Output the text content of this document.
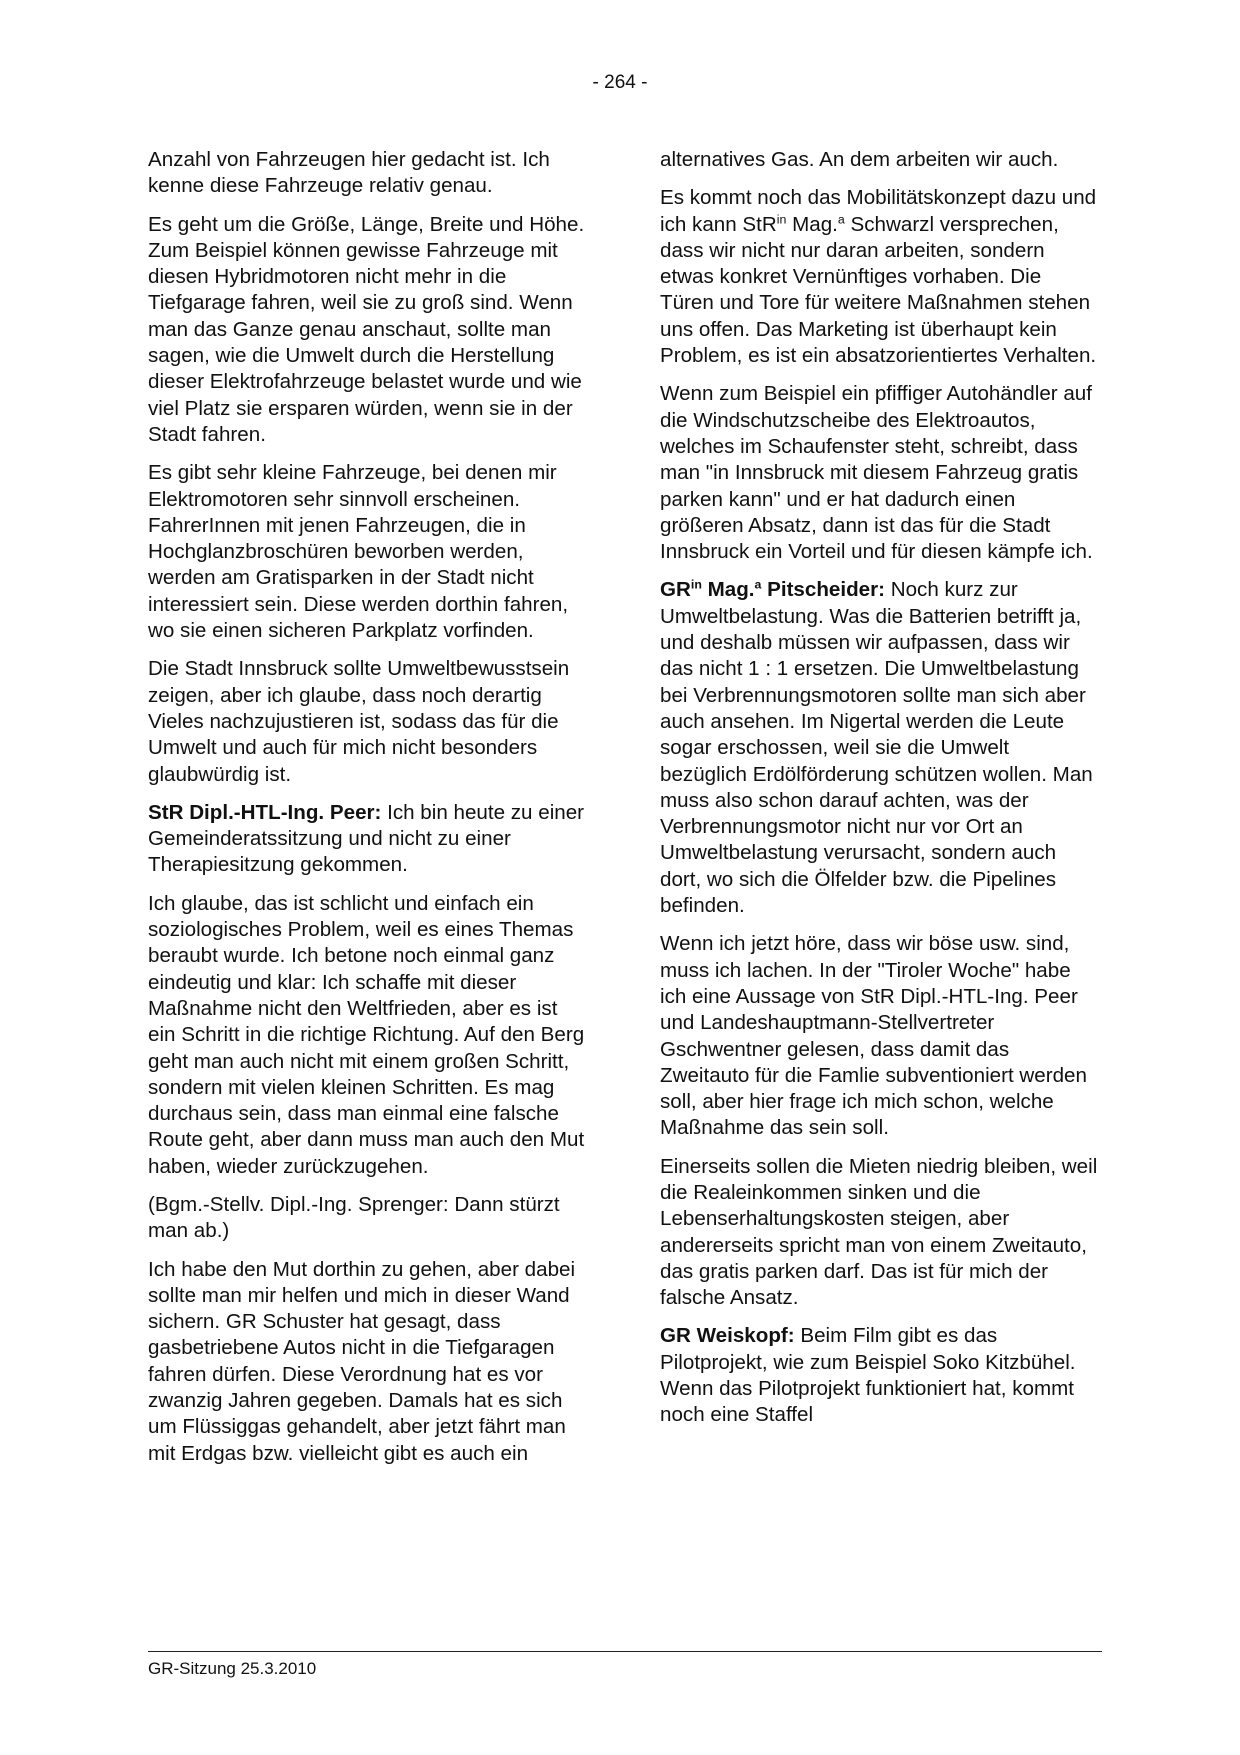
- 264 -

Anzahl von Fahrzeugen hier gedacht ist. Ich kenne diese Fahrzeuge relativ genau.

Es geht um die Größe, Länge, Breite und Höhe. Zum Beispiel können gewisse Fahrzeuge mit diesen Hybridmotoren nicht mehr in die Tiefgarage fahren, weil sie zu groß sind. Wenn man das Ganze genau anschaut, sollte man sagen, wie die Umwelt durch die Herstellung dieser Elektrofahrzeuge belastet wurde und wie viel Platz sie ersparen würden, wenn sie in der Stadt fahren.

Es gibt sehr kleine Fahrzeuge, bei denen mir Elektromotoren sehr sinnvoll erscheinen. FahrerInnen mit jenen Fahrzeugen, die in Hochglanzbroschüren beworben werden, werden am Gratisparken in der Stadt nicht interessiert sein. Diese werden dorthin fahren, wo sie einen sicheren Parkplatz vorfinden.

Die Stadt Innsbruck sollte Umweltbewusstsein zeigen, aber ich glaube, dass noch derartig Vieles nachzujustieren ist, sodass das für die Umwelt und auch für mich nicht besonders glaubwürdig ist.

StR Dipl.-HTL-Ing. Peer: Ich bin heute zu einer Gemeinderatssitzung und nicht zu einer Therapiesitzung gekommen.

Ich glaube, das ist schlicht und einfach ein soziologisches Problem, weil es eines Themas beraubt wurde. Ich betone noch einmal ganz eindeutig und klar: Ich schaffe mit dieser Maßnahme nicht den Weltfrieden, aber es ist ein Schritt in die richtige Richtung. Auf den Berg geht man auch nicht mit einem großen Schritt, sondern mit vielen kleinen Schritten. Es mag durchaus sein, dass man einmal eine falsche Route geht, aber dann muss man auch den Mut haben, wieder zurückzugehen.

(Bgm.-Stellv. Dipl.-Ing. Sprenger: Dann stürzt man ab.)

Ich habe den Mut dorthin zu gehen, aber dabei sollte man mir helfen und mich in dieser Wand sichern. GR Schuster hat gesagt, dass gasbetriebene Autos nicht in die Tiefgaragen fahren dürfen. Diese Verordnung hat es vor zwanzig Jahren gegeben. Damals hat es sich um Flüssiggas gehandelt, aber jetzt fährt man mit Erdgas bzw. vielleicht gibt es auch ein

alternatives Gas. An dem arbeiten wir auch.

Es kommt noch das Mobilitätskonzept dazu und ich kann StR$^{in}$ Mag.$^a$ Schwarzl versprechen, dass wir nicht nur daran arbeiten, sondern etwas konkret Vernünftiges vorhaben. Die Türen und Tore für weitere Maßnahmen stehen uns offen. Das Marketing ist überhaupt kein Problem, es ist ein absatzorientiertes Verhalten.

Wenn zum Beispiel ein pfiffiger Autohändler auf die Windschutzscheibe des Elektroautos, welches im Schaufenster steht, schreibt, dass man "in Innsbruck mit diesem Fahrzeug gratis parken kann" und er hat dadurch einen größeren Absatz, dann ist das für die Stadt Innsbruck ein Vorteil und für diesen kämpfe ich.

$GR^{in}$ Mag.$^a$ Pitscheider: Noch kurz zur Umweltbelastung. Was die Batterien betrifft ja, und deshalb müssen wir aufpassen, dass wir das nicht 1 : 1 ersetzen. Die Umweltbelastung bei Verbrennungsmotoren sollte man sich aber auch ansehen. Im Nigertal werden die Leute sogar erschossen, weil sie die Umwelt bezüglich Erdölförderung schützen wollen. Man muss also schon darauf achten, was der Verbrennungsmotor nicht nur vor Ort an Umweltbelastung verursacht, sondern auch dort, wo sich die Ölfelder bzw. die Pipelines befinden.

Wenn ich jetzt höre, dass wir böse usw. sind, muss ich lachen. In der "Tiroler Woche" habe ich eine Aussage von StR Dipl.-HTL-Ing. Peer und Landeshauptmann-Stellvertreter Gschwentner gelesen, dass damit das Zweitauto für die Famlie subventioniert werden soll, aber hier frage ich mich schon, welche Maßnahme das sein soll.

Einerseits sollen die Mieten niedrig bleiben, weil die Realeinkommen sinken und die Lebenserhaltungskosten steigen, aber andererseits spricht man von einem Zweitauto, das gratis parken darf. Das ist für mich der falsche Ansatz.

GR Weiskopf: Beim Film gibt es das Pilotprojekt, wie zum Beispiel Soko Kitzbühel. Wenn das Pilotprojekt funktioniert hat, kommt noch eine Staffel

GR-Sitzung 25.3.2010
